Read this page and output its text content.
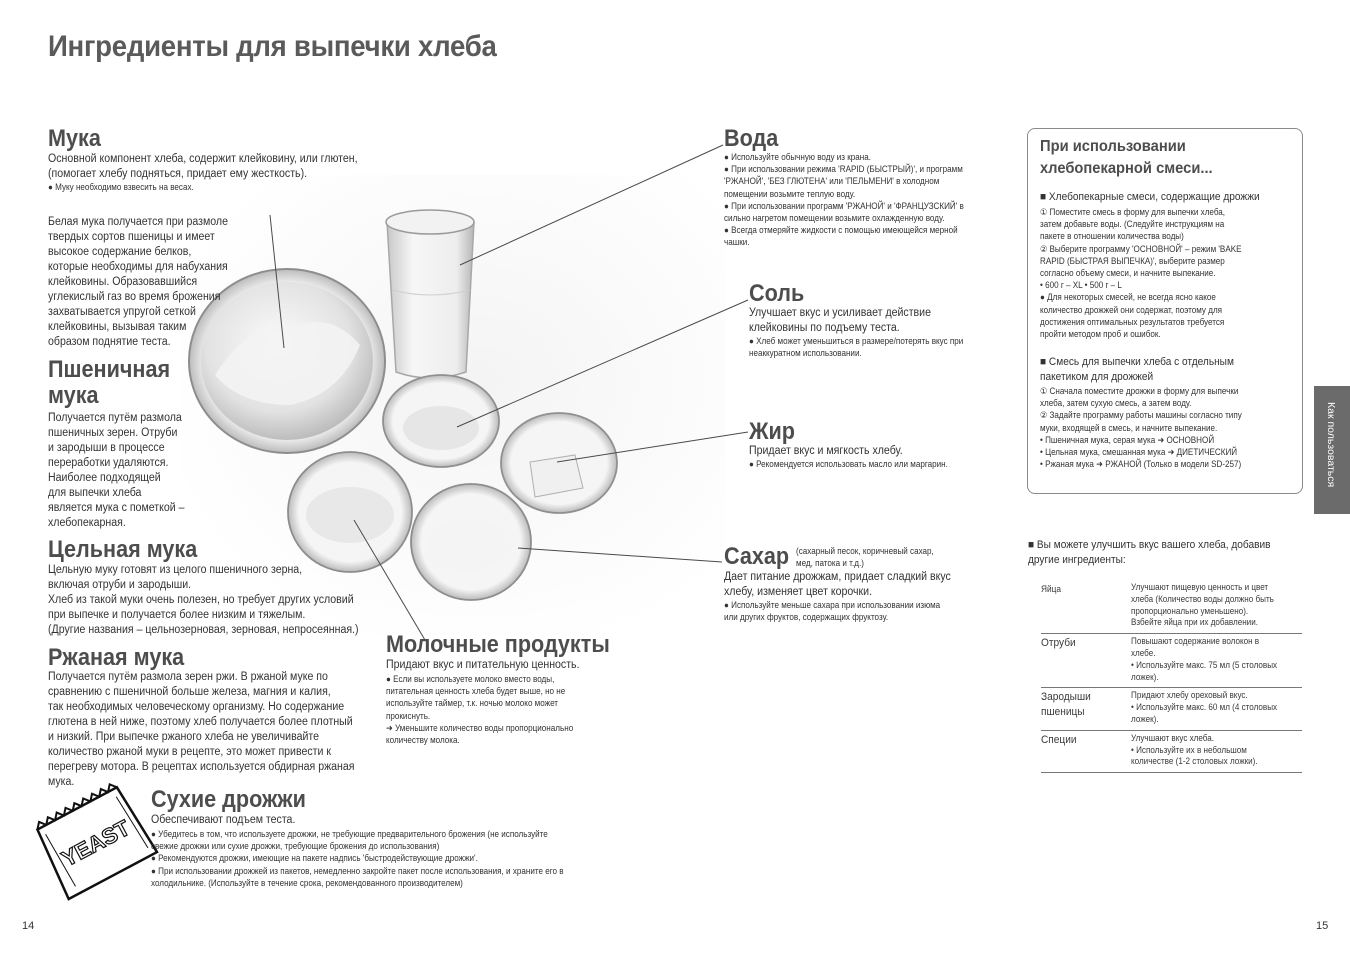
Ингредиенты для выпечки хлеба
YEAST
Мука
Основной компонент хлеба, содержит клейковину, или глютен,
(помогает хлебу подняться, придает ему жесткость).
● Муку необходимо взвесить на весах.
Белая мука получается при размоле
твердых сортов пшеницы и имеет
высокое содержание белков,
которые необходимы для набухания
клейковины. Образовавшийся
углекислый газ во время брожения
захватывается упругой сеткой
клейковины, вызывая таким
образом поднятие теста.
Пшеничная
мука
Получается путём размола
пшеничных зерен. Отруби
и зародыши в процессе
переработки удаляются.
Наиболее подходящей
для выпечки хлеба
является мука с пометкой –
хлебопекарная.
Цельная мука
Цельную муку готовят из целого пшеничного зерна,
включая отруби и зародыши.
Хлеб из такой муки очень полезен, но требует других условий
при выпечке и получается более низким и тяжелым.
(Другие названия – цельнозерновая, зерновая, непросеянная.)
Ржаная мука
Получается путём размола зерен ржи. В ржаной муке по
сравнению с пшеничной больше железа, магния и калия,
так необходимых человеческому организму. Но содержание
глютена в ней ниже, поэтому хлеб получается более плотный
и низкий. При выпечке ржаного хлеба не увеличивайте
количество ржаной муки в рецепте, это может привести к
перегреву мотора. В рецептах используется обдирная ржаная
мука.
Сухие дрожжи
Обеспечивают подъем теста.
● Убедитесь в том, что используете дрожжи, не требующие предварительного брожения (не используйте
свежие дрожжи или сухие дрожжи, требующие брожения до использования)
● Рекомендуются дрожжи, имеющие на пакете надпись 'быстродействующие дрожжи'.
● При использовании дрожжей из пакетов, немедленно закройте пакет после использования, и храните его в
холодильнике. (Используйте в течение срока, рекомендованного производителем)
Молочные продукты
Придают вкус и питательную ценность.
● Если вы используете молоко вместо воды,
питательная ценность хлеба будет выше, но не
используйте таймер, т.к. ночью молоко может
прокиснуть.
➜ Уменьшите количество воды пропорционально
количеству молока.
Вода
● Используйте обычную воду из крана.
● При использовании режима 'RAPID (БЫСТРЫЙ)', и программ
'РЖАНОЙ', 'БЕЗ ГЛЮТЕНА' или 'ПЕЛЬМЕНИ' в холодном
помещении возьмите теплую воду.
● При использовании программ 'РЖАНОЙ' и 'ФРАНЦУЗСКИЙ' в
сильно нагретом помещении возьмите охлажденную воду.
● Всегда отмеряйте жидкости с помощью имеющейся мерной
чашки.
Соль
Улучшает вкус и усиливает действие
клейковины по подъему теста.
● Хлеб может уменьшиться в размере/потерять вкус при
неаккуратном использовании.
Жир
Придает вкус и мягкость хлебу.
● Рекомендуется использовать масло или маргарин.
Сахар (сахарный песок, коричневый сахар,
мед, патока и т.д.)
Дает питание дрожжам, придает сладкий вкус
хлебу, изменяет цвет корочки.
● Используйте меньше сахара при использовании изюма
или других фруктов, содержащих фруктозу.
При использовании
хлебопекарной смеси...
■ Хлебопекарные смеси, содержащие дрожжи
① Поместите смесь в форму для выпечки хлеба,
затем добавьте воды. (Следуйте инструкциям на
пакете в отношении количества воды)
② Выберите программу 'ОСНОВНОЙ' – режим 'BAKE
RAPID (БЫСТРАЯ ВЫПЕЧКА)', выберите размер
согласно объему смеси, и начните выпекание.
• 600 г – XL • 500 г – L
● Для некоторых смесей, не всегда ясно какое
количество дрожжей они содержат, поэтому для
достижения оптимальных результатов требуется
пройти методом проб и ошибок.
■ Смесь для выпечки хлеба с отдельным
пакетиком для дрожжей
① Сначала поместите дрожжи в форму для выпечки
хлеба, затем сухую смесь, а затем воду.
② Задайте программу работы машины согласно типу
муки, входящей в смесь, и начните выпекание.
• Пшеничная мука, серая мука ➜ ОСНОВНОЙ
• Цельная мука, смешанная мука ➜ ДИЕТИЧЕСКИЙ
• Ржаная мука ➜ РЖАНОЙ (Только в модели SD-257)	Как пользоваться
■ Вы можете улучшить вкус вашего хлеба, добавив
другие ингредиенты:
Яйца	Улучшают пищевую ценность и цвет
хлеба (Количество воды должно быть
пропорционально уменьшено).
Взбейте яйца при их добавлении.
Отруби	Повышают содержание волокон в
хлебе.
• Используйте макс. 75 мл (5 столовых
ложек).
Зародыши
пшеницы	Придают хлебу ореховый вкус.
• Используйте макс. 60 мл (4 столовых
ложек).
Специи	Улучшают вкус хлеба.
• Используйте их в небольшом
количестве (1-2 столовых ложки).
14	15
